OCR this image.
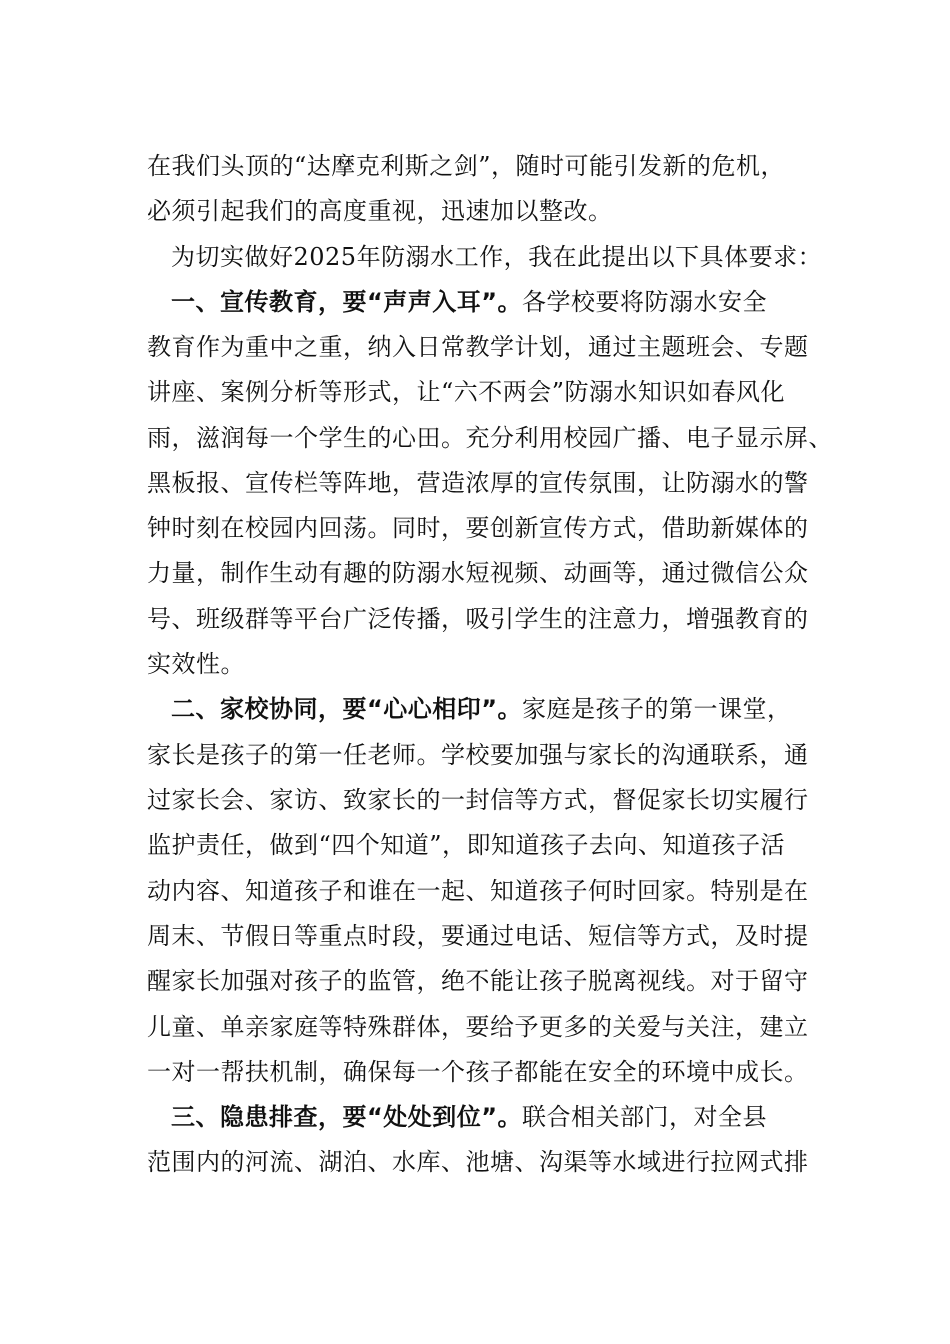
在我们头顶的“达摩克利斯之剑”，随时可能引发新的危机，
必须引起我们的高度重视，迅速加以整改。
为切实做好2025年防溺水工作，我在此提出以下具体要求：
一、宣传教育，要“声声入耳”。各学校要将防溺水安全
教育作为重中之重，纳入日常教学计划，通过主题班会、专题
讲座、案例分析等形式，让“六不两会”防溺水知识如春风化
雨，滋润每一个学生的心田。充分利用校园广播、电子显示屏、
黑板报、宣传栏等阵地，营造浓厚的宣传氛围，让防溺水的警
钟时刻在校园内回荡。同时，要创新宣传方式，借助新媒体的
力量，制作生动有趣的防溺水短视频、动画等，通过微信公众
号、班级群等平台广泛传播，吸引学生的注意力，增强教育的
实效性。
二、家校协同，要“心心相印”。家庭是孩子的第一课堂，
家长是孩子的第一任老师。学校要加强与家长的沟通联系，通
过家长会、家访、致家长的一封信等方式，督促家长切实履行
监护责任，做到“四个知道”，即知道孩子去向、知道孩子活
动内容、知道孩子和谁在一起、知道孩子何时回家。特别是在
周末、节假日等重点时段，要通过电话、短信等方式，及时提
醒家长加强对孩子的监管，绝不能让孩子脱离视线。对于留守
儿童、单亲家庭等特殊群体，要给予更多的关爱与关注，建立
一对一帮扶机制，确保每一个孩子都能在安全的环境中成长。
三、隐患排查，要“处处到位”。联合相关部门，对全县
范围内的河流、湖泊、水库、池塘、沟渠等水域进行拉网式排
